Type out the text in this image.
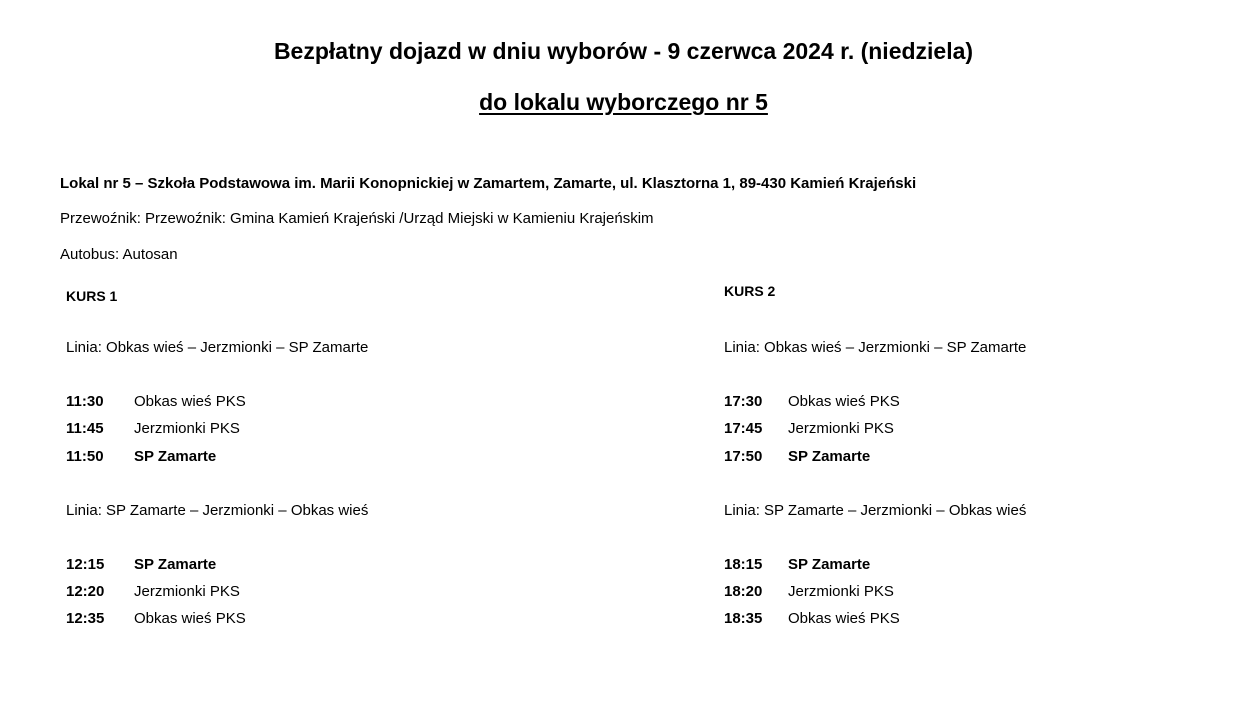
Bezpłatny dojazd w dniu wyborów - 9 czerwca 2024 r. (niedziela)
do lokalu wyborczego nr 5
Lokal nr 5 – Szkoła Podstawowa im. Marii Konopnickiej w Zamartem, Zamarte, ul. Klasztorna 1, 89-430 Kamień Krajeński
Przewoźnik: Przewoźnik: Gmina Kamień Krajeński /Urząd Miejski w Kamieniu Krajeńskim
Autobus: Autosan
KURS 1
Linia: Obkas wieś – Jerzmionki – SP Zamarte
11:30 Obkas wieś PKS
11:45 Jerzmionki PKS
11:50 SP Zamarte
Linia: SP Zamarte – Jerzmionki – Obkas wieś
12:15 SP Zamarte
12:20 Jerzmionki PKS
12:35 Obkas wieś PKS
KURS 2
Linia: Obkas wieś – Jerzmionki – SP Zamarte
17:30 Obkas wieś PKS
17:45 Jerzmionki PKS
17:50 SP Zamarte
Linia: SP Zamarte – Jerzmionki – Obkas wieś
18:15 SP Zamarte
18:20 Jerzmionki PKS
18:35 Obkas wieś PKS
